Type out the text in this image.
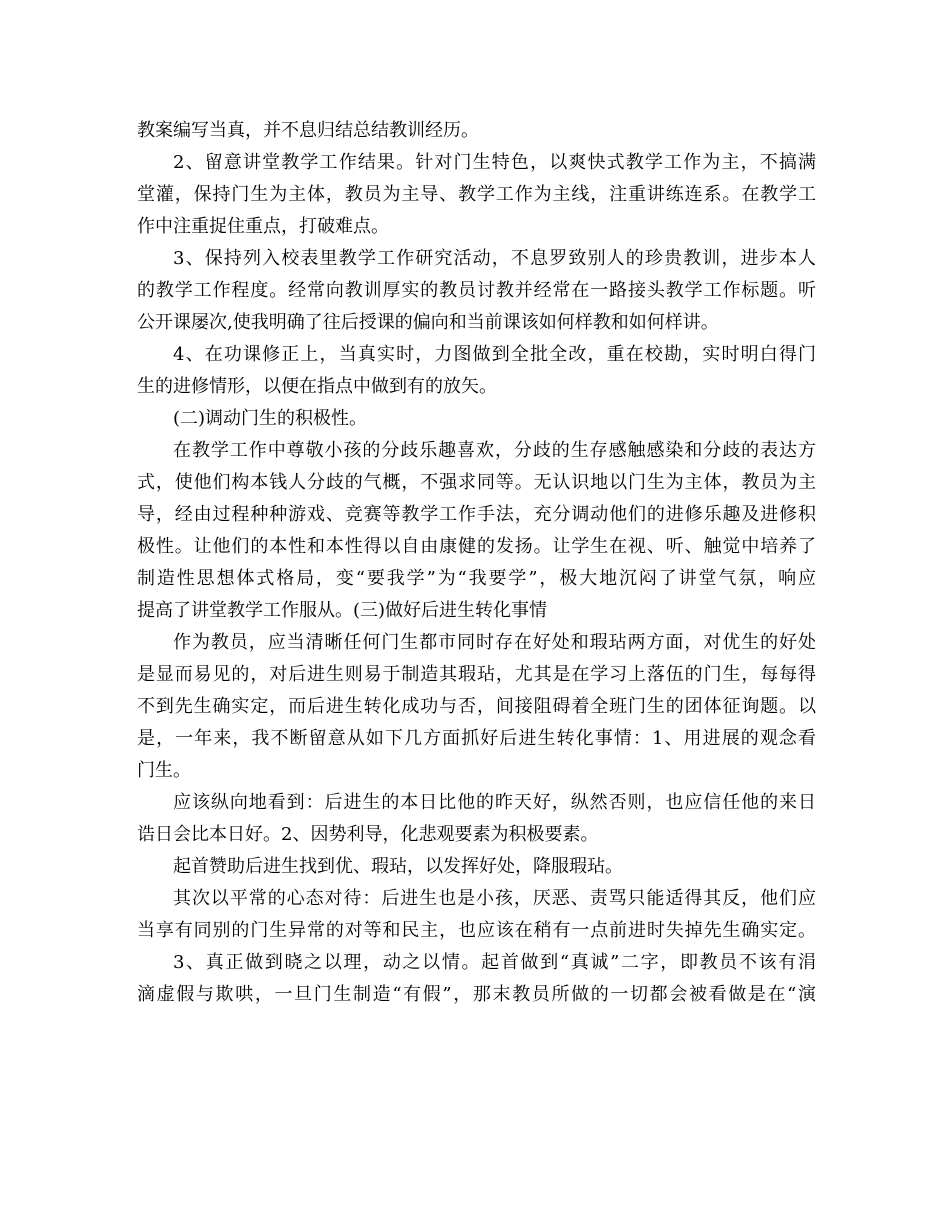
教案编写当真，并不息归结总结教训经历。
2、留意讲堂教学工作结果。针对门生特色，以爽快式教学工作为主，不搞满
堂灌，保持门生为主体，教员为主导、教学工作为主线，注重讲练连系。在教学工
作中注重捉住重点，打破难点。
3、保持列入校表里教学工作研究活动，不息罗致别人的珍贵教训，进步本人
的教学工作程度。经常向教训厚实的教员讨教并经常在一路接头教学工作标题。听
公开课屡次,使我明确了往后授课的偏向和当前课该如何样教和如何样讲。
4、在功课修正上，当真实时，力图做到全批全改，重在校勘，实时明白得门
生的进修情形，以便在指点中做到有的放矢。
(二)调动门生的积极性。
在教学工作中尊敬小孩的分歧乐趣喜欢，分歧的生存感触感染和分歧的表达方
式，使他们构本钱人分歧的气概，不强求同等。无认识地以门生为主体，教员为主
导，经由过程种种游戏、竞赛等教学工作手法，充分调动他们的进修乐趣及进修积
极性。让他们的本性和本性得以自由康健的发扬。让学生在视、听、触觉中培养了
制造性思想体式格局，变“要我学”为“我要学”，极大地沉闷了讲堂气氛，响应
提高了讲堂教学工作服从。(三)做好后进生转化事情
作为教员，应当清晰任何门生都市同时存在好处和瑕玷两方面，对优生的好处
是显而易见的，对后进生则易于制造其瑕玷，尤其是在学习上落伍的门生，每每得
不到先生确实定，而后进生转化成功与否，间接阻碍着全班门生的团体征询题。以
是，一年来，我不断留意从如下几方面抓好后进生转化事情：1、用进展的观念看
门生。
应该纵向地看到：后进生的本日比他的昨天好，纵然否则，也应信任他的来日
诰日会比本日好。2、因势利导，化悲观要素为积极要素。
起首赞助后进生找到优、瑕玷，以发挥好处，降服瑕玷。
其次以平常的心态对待：后进生也是小孩，厌恶、责骂只能适得其反，他们应
当享有同别的门生异常的对等和民主，也应该在稍有一点前进时失掉先生确实定。
3、真正做到晓之以理，动之以情。起首做到“真诚”二字，即教员不该有涓
滴虚假与欺哄，一旦门生制造“有假”，那末教员所做的一切都会被看做是在“演
